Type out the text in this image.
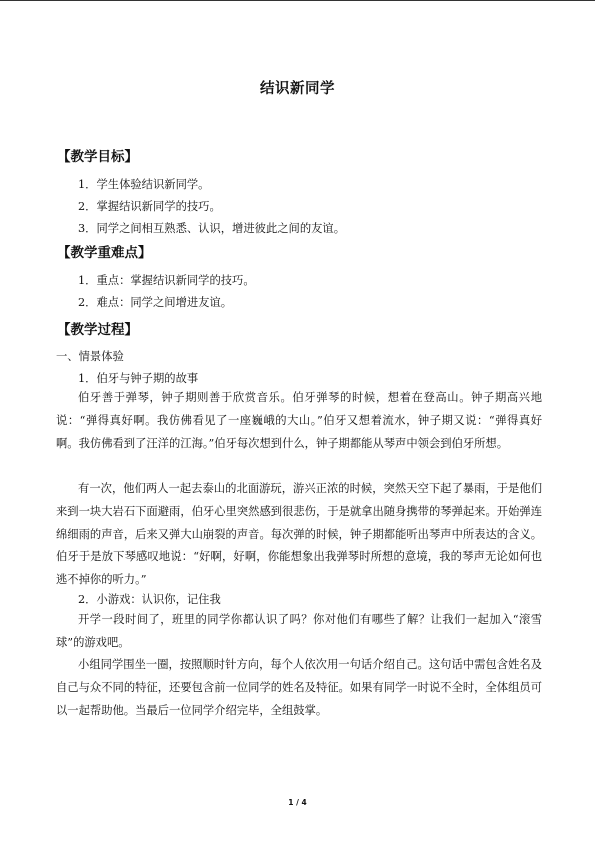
结识新同学
【教学目标】
1．学生体验结识新同学。
2．掌握结识新同学的技巧。
3．同学之间相互熟悉、认识，增进彼此之间的友谊。
【教学重难点】
1．重点：掌握结识新同学的技巧。
2．难点：同学之间增进友谊。
【教学过程】
一、情景体验
1．伯牙与钟子期的故事

伯牙善于弹琴，钟子期则善于欣赏音乐。伯牙弹琴的时候，想着在登高山。钟子期高兴地说：“弹得真好啊。我仿佛看见了一座巍峨的大山。”伯牙又想着流水，钟子期又说：“弹得真好啊。我仿佛看到了汪洋的江海。”伯牙每次想到什么，钟子期都能从琴声中领会到伯牙所想。

有一次，他们两人一起去泰山的北面游玩，游兴正浓的时候，突然天空下起了暴雨，于是他们来到一块大岩石下面避雨，伯牙心里突然感到很悲伤，于是就拿出随身携带的琴弹起来。开始弹连绵细雨的声音，后来又弹大山崩裂的声音。每次弹的时候，钟子期都能听出琴声中所表达的含义。伯牙于是放下琴感叹地说：“好啊，好啊，你能想象出我弹琴时所想的意境，我的琴声无论如何也逃不掉你的听力。”

2．小游戏：认识你，记住我

开学一段时间了，班里的同学你都认识了吗？你对他们有哪些了解？让我们一起加入“滚雪球”的游戏吧。

小组同学围坐一圈，按照顺时针方向，每个人依次用一句话介绍自己。这句话中需包含姓名及自己与众不同的特征，还要包含前一位同学的姓名及特征。如果有同学一时说不全时，全体组员可以一起帮助他。当最后一位同学介绍完毕，全组鼓掌。

1 / 4
